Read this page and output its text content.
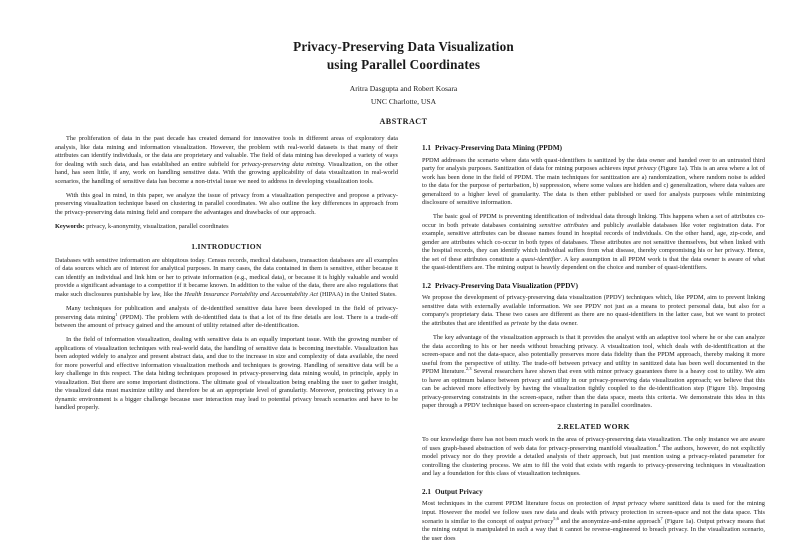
Privacy-Preserving Data Visualization
using Parallel Coordinates
Aritra Dasgupta and Robert Kosara
UNC Charlotte, USA
ABSTRACT

The proliferation of data in the past decade has created demand for innovative tools in different areas of exploratory data analysis, like data mining and information visualization. However, the problem with real-world datasets is that many of their attributes can identify individuals, or the data are proprietary and valuable. The field of data mining has developed a variety of ways for dealing with such data, and has established an entire subfield for privacy-preserving data mining. Visualization, on the other hand, has seen little, if any, work on handling sensitive data. With the growing applicability of data visualization in real-world scenarios, the handling of sensitive data has become a non-trivial issue we need to address in developing visualization tools.

With this goal in mind, in this paper, we analyze the issue of privacy from a visualization perspective and propose a privacy-preserving visualization technique based on clustering in parallel coordinates. We also outline the key differences in approach from the privacy-preserving data mining field and compare the advantages and drawbacks of our approach.

Keywords: privacy, k-anonymity, visualization, parallel coordinates

1.INTRODUCTION

Databases with sensitive information are ubiquitous today. Census records, medical databases, transaction databases are all examples of data sources which are of interest for analytical purposes. In many cases, the data contained in them is sensitive, either because it can identify an individual and link him or her to private information (e.g., medical data), or because it is highly valuable and would provide a significant advantage to a competitor if it became known. In addition to the value of the data, there are also regulations that make such disclosures punishable by law, like the Health Insurance Portability and Accountability Act (HIPAA) in the United States.

Many techniques for publication and analysis of de-identified sensitive data have been developed in the field of privacy-preserving data mining$^1$ (PPDM). The problem with de-identified data is that a lot of its fine details are lost. There is a trade-off between the amount of privacy gained and the amount of utility retained after de-identification.

In the field of information visualization, dealing with sensitive data is an equally important issue. With the growing number of applications of visualization techniques with real-world data, the handling of sensitive data is becoming inevitable. Visualization has been adopted widely to analyze and present abstract data, and due to the increase in size and complexity of data available, the need for more powerful and effective information visualization methods and techniques is growing. Handling of sensitive data will be a key challenge in this respect. The data hiding techniques proposed in privacy-preserving data mining would, in principle, apply in visualization. But there are some important distinctions. The ultimate goal of visualization being enabling the user to gather insight, the visualized data must maximize utility and therefore be at an appropriate level of granularity. Moreover, protecting privacy in a dynamic environment is a bigger challenge because user interaction may lead to potential privacy breach scenarios and have to be handled properly.

1.1 Privacy-Preserving Data Mining (PPDM)

PPDM addresses the scenario where data with quasi-identifiers is sanitized by the data owner and handed over to an untrusted third party for analysis purposes. Sanitization of data for mining purposes achieves input privacy (Figure 1a). This is an area where a lot of work has been done in the field of PPDM. The main techniques for sanitization are a) randomization, where random noise is added to the data for the purpose of perturbation, b) suppression, where some values are hidden and c) generalization, where data values are generalized to a higher level of granularity. The data is then either published or used for analysis purposes while minimizing disclosure of sensitive information.

The basic goal of PPDM is preventing identification of individual data through linking. This happens when a set of attributes co-occur in both private databases containing sensitive attributes and publicly available databases like voter registration data. For example, sensitive attributes can be disease names found in hospital records of individuals. On the other hand, age, zip-code, and gender are attributes which co-occur in both types of databases. These attributes are not sensitive themselves, but when linked with the hospital records, they can identify which individual suffers from what disease, thereby compromising his or her privacy. Hence, the set of these attributes constitute a quasi-identifier. A key assumption in all PPDM work is that the data owner is aware of what the quasi-identifiers are. The mining output is heavily dependent on the choice and number of quasi-identifiers.

1.2 Privacy-Preserving Data Visualization (PPDV)

We propose the development of privacy-preserving data visualization (PPDV) techniques which, like PPDM, aim to prevent linking sensitive data with externally available information. We see PPDV not just as a means to protect personal data, but also for a company's proprietary data. These two cases are different as there are no quasi-identifiers in the latter case, but we want to protect the attributes that are identified as private by the data owner.

The key advantage of the visualization approach is that it provides the analyst with an adaptive tool where he or she can analyze the data according to his or her needs without breaching privacy. A visualization tool, which deals with de-identification at the screen-space and not the data-space, also potentially preserves more data fidelity than the PPDM approach, thereby making it more useful from the perspective of utility. The trade-off between privacy and utility in sanitized data has been well documented in the PPDM literature.$^{2,3}$ Several researchers have shown that even with minor privacy guarantees there is a heavy cost to utility. We aim to have an optimum balance between privacy and utility in our privacy-preserving data visualization approach; we believe that this can be achieved more effectively by having the visualization tightly coupled to the de-identification step (Figure 1b). Imposing privacy-preserving constraints in the screen-space, rather than the data space, meets this criteria. We demonstrate this idea in this paper through a PPDV technique based on screen-space clustering in parallel coordinates.

2.RELATED WORK

To our knowledge there has not been much work in the area of privacy-preserving data visualization. The only instance we are aware of uses graph-based abstraction of web data for privacy-preserving manifold visualization.$^4$ The authors, however, do not explicitly model privacy nor do they provide a detailed analysis of their approach, but just mention using a privacy-related parameter for controlling the clustering process. We aim to fill the void that exists with regards to privacy-preserving techniques in visualization and lay a foundation for this class of visualization techniques.

2.1 Output Privacy

Most techniques in the current PPDM literature focus on protection of input privacy where sanitized data is used for the mining input. However the model we follow uses raw data and deals with privacy protection in screen-space and not the data space. This scenario is similar to the concept of output privacy$^{5,6}$ and the anonymize-and-mine approach$^7$ (Figure 1a). Output privacy means that the mining output is manipulated in such a way that it cannot be reverse-engineered to breach privacy. In the visualization scenario, the user does
